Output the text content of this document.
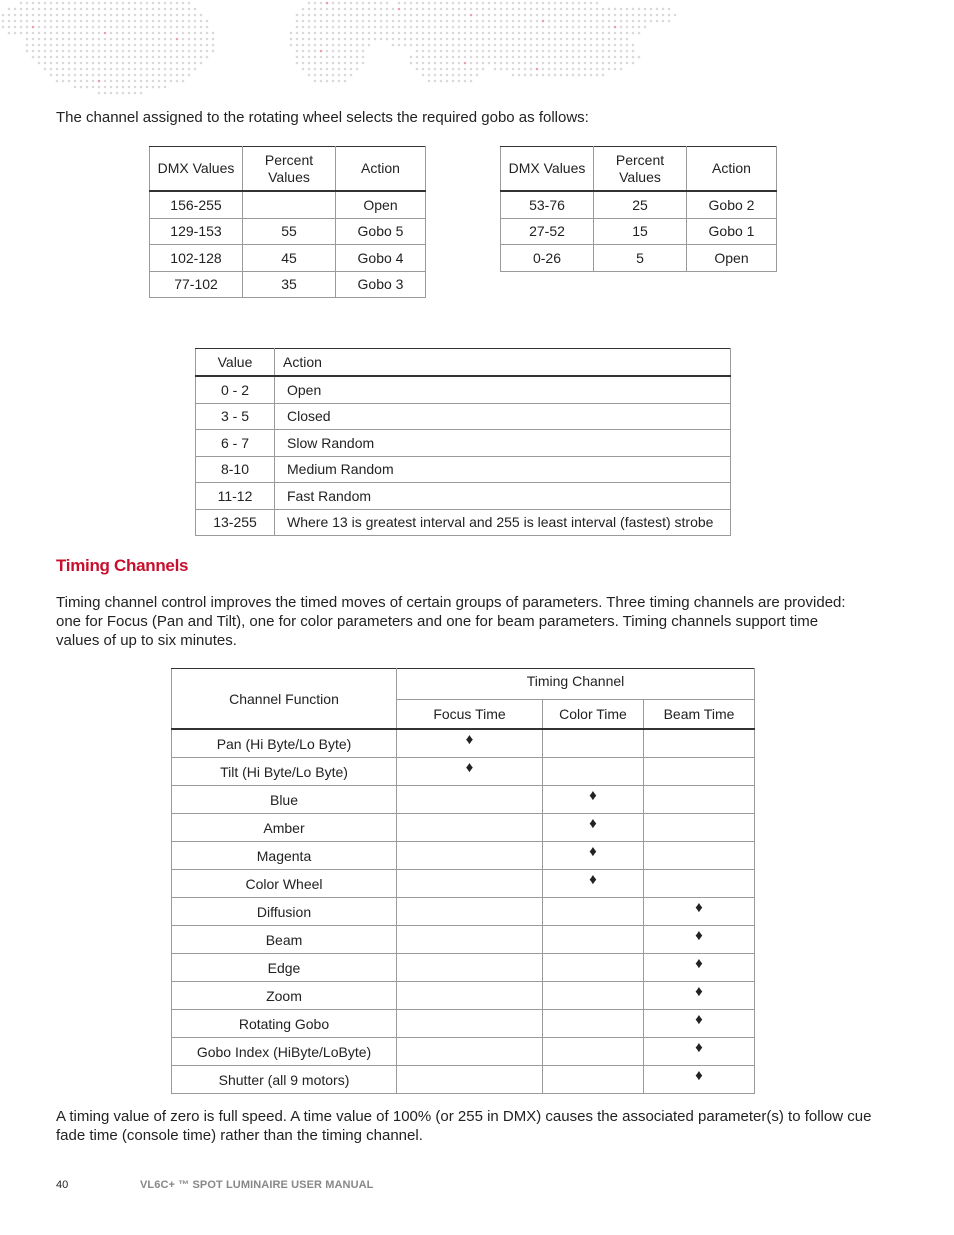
The channel assigned to the rotating wheel selects the required gobo as follows:

DMX Values	Percent Values	Action
156-255		Open
129-153	55	Gobo 5
102-128	45	Gobo 4
77-102	35	Gobo 3
DMX Values	Percent Values	Action
53-76	25	Gobo 2
27-52	15	Gobo 1
0-26	5	Open
Value	Action
0 - 2	Open
3 - 5	Closed
6 - 7	Slow Random
8-10	Medium Random
11-12	Fast Random
13-255	Where 13 is greatest interval and 255 is least interval (fastest) strobe
Timing Channels

Timing channel control improves the timed moves of certain groups of parameters. Three timing channels are provided: one for Focus (Pan and Tilt), one for color parameters and one for beam parameters. Timing channels support time values of up to six minutes.

Channel Function	Timing Channel		
	Focus Time	Color Time	Beam Time
Pan (Hi Byte/Lo Byte)	♦		
Tilt (Hi Byte/Lo Byte)	♦		
Blue		♦	
Amber		♦	
Magenta		♦	
Color Wheel		♦	
Diffusion			♦
Beam			♦
Edge			♦
Zoom			♦
Rotating Gobo			♦
Gobo Index (HiByte/LoByte)			♦
Shutter (all 9 motors)			♦

A timing value of zero is full speed. A time value of 100% (or 255 in DMX) causes the associated parameter(s) to follow cue fade time (console time) rather than the timing channel.

40	VL6C+ ™ SPOT LUMINAIRE USER MANUAL
